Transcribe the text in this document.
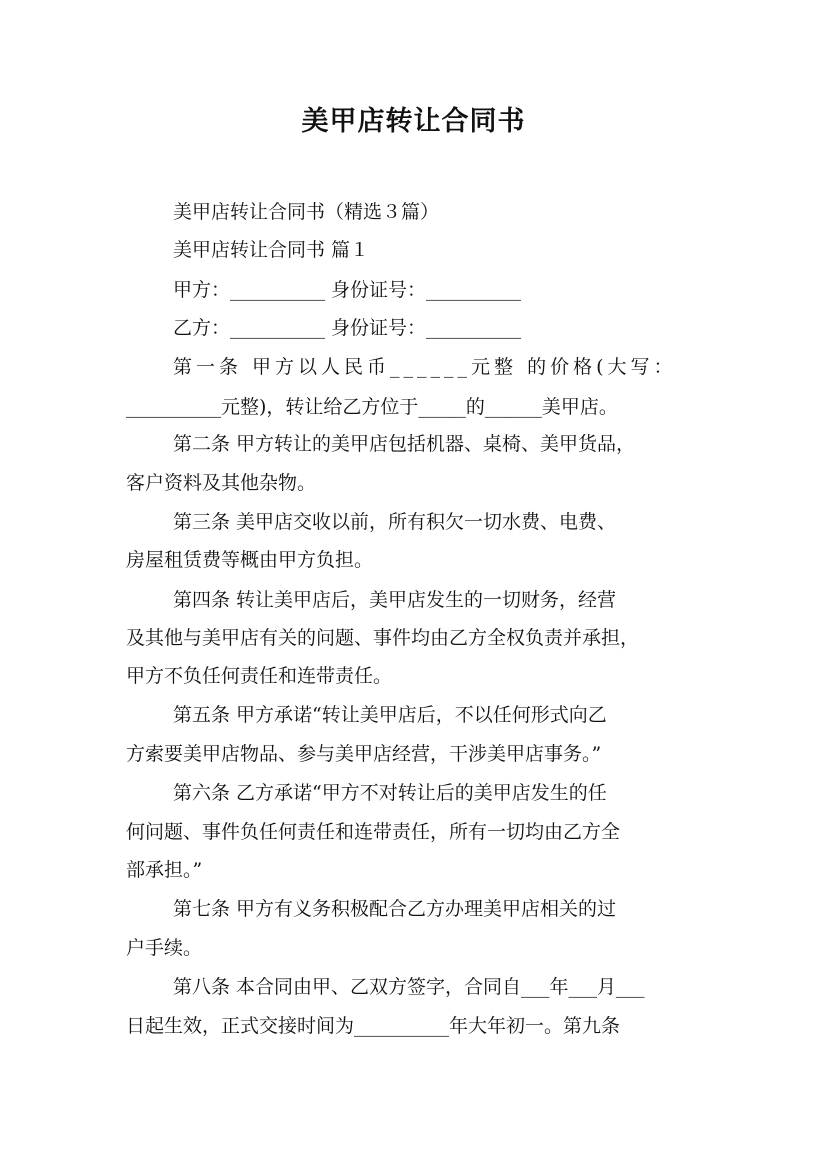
美甲店转让合同书
美甲店转让合同书（精选３篇）
美甲店转让合同书 篇１
甲方：__________ 身份证号：__________
乙方：__________ 身份证号：__________
第一条 甲方以人民币______元整 的价格(大写：
__________元整)，转让给乙方位于_____的______美甲店。
第二条 甲方转让的美甲店包括机器、桌椅、美甲货品，
客户资料及其他杂物。
第三条 美甲店交收以前，所有积欠一切水费、电费、
房屋租赁费等概由甲方负担。
第四条 转让美甲店后，美甲店发生的一切财务，经营
及其他与美甲店有关的问题、事件均由乙方全权负责并承担，
甲方不负任何责任和连带责任。
第五条 甲方承诺“转让美甲店后，不以任何形式向乙
方索要美甲店物品、参与美甲店经营，干涉美甲店事务。”
第六条 乙方承诺“甲方不对转让后的美甲店发生的任
何问题、事件负任何责任和连带责任，所有一切均由乙方全
部承担。”
第七条 甲方有义务积极配合乙方办理美甲店相关的过
户手续。
第八条 本合同由甲、乙双方签字，合同自___年___月___
日起生效，正式交接时间为__________年大年初一。第九条
